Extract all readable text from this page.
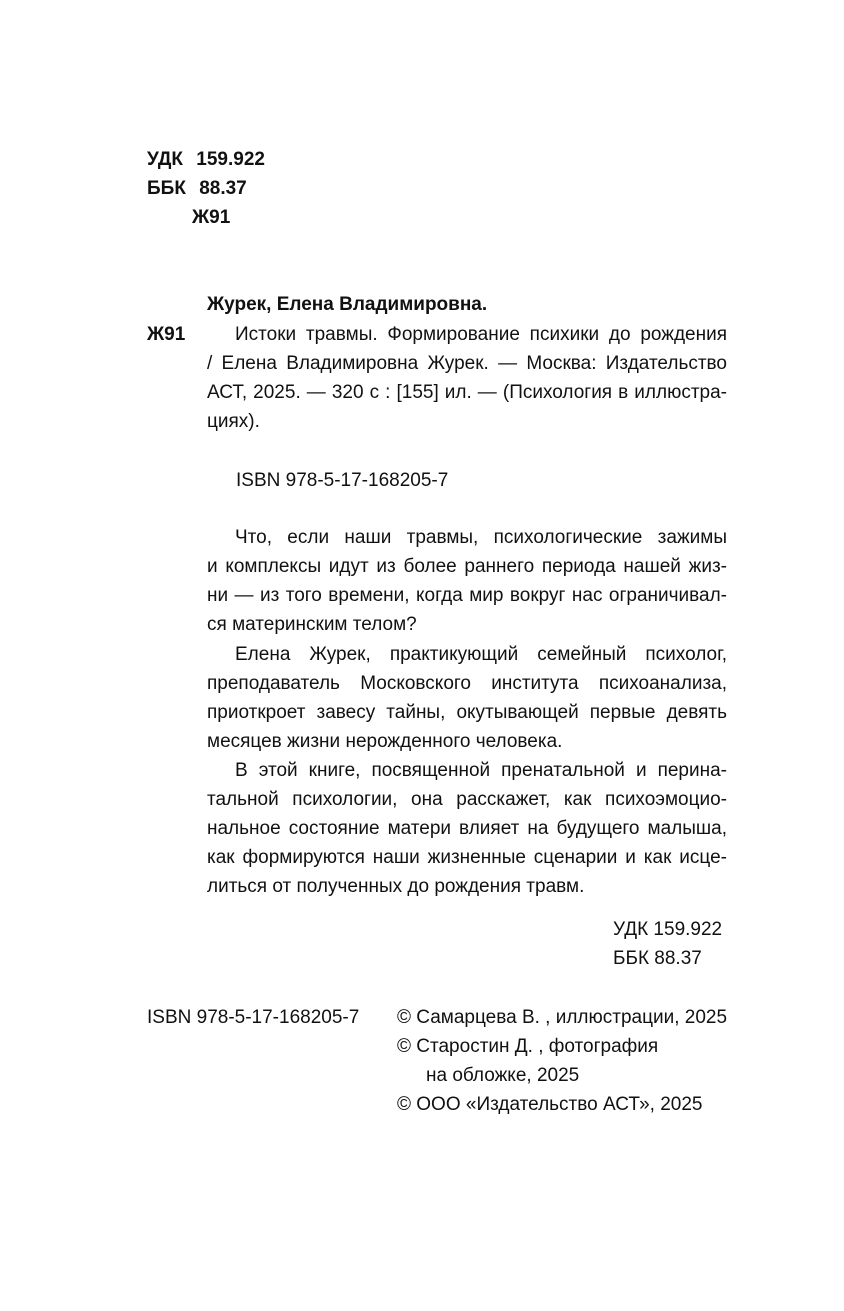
УДК 159.922
ББК 88.37
Ж91
Журек, Елена Владимировна.
Ж91	Истоки травмы. Формирование психики до рождения
/ Елена Владимировна Журек. — Москва: Издательство
АСТ, 2025. — 320 с : [155] ил. — (Психология в иллюстра-
циях).
ISBN 978-5-17-168205-7
Что, если наши травмы, психологические зажимы
и комплексы идут из более раннего периода нашей жиз-
ни — из того времени, когда мир вокруг нас ограничивал-
ся материнским телом?
Елена Журек, практикующий семейный психолог,
преподаватель Московского института психоанализа,
приоткроет завесу тайны, окутывающей первые девять
месяцев жизни нерожденного человека.
В этой книге, посвященной пренатальной и перина-
тальной психологии, она расскажет, как психоэмоцио-
нальное состояние матери влияет на будущего малыша,
как формируются наши жизненные сценарии и как исце-
литься от полученных до рождения травм.
УДК 159.922
ББК 88.37
ISBN 978-5-17-168205-7 © Самарцева В. , иллюстрации, 2025
© Старостин Д. , фотография
на обложке, 2025
© ООО «Издательство АСТ», 2025
